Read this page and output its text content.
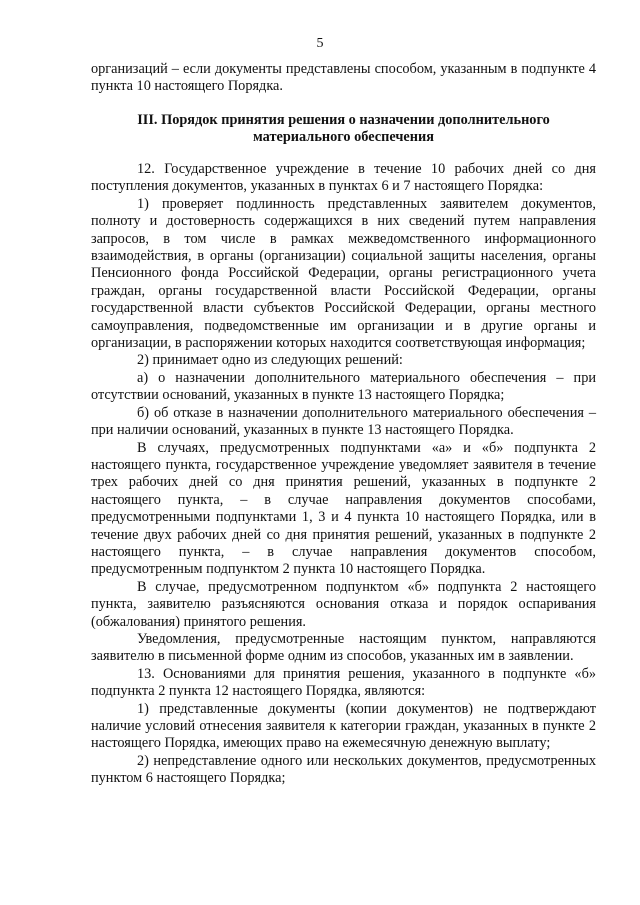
5

организаций – если документы представлены способом, указанным в подпункте 4 пункта 10 настоящего Порядка.

III. Порядок принятия решения о назначении дополнительного
материального обеспечения

12. Государственное учреждение в течение 10 рабочих дней со дня поступления документов, указанных в пунктах 6 и 7 настоящего Порядка:

1) проверяет подлинность представленных заявителем документов, полноту и достоверность содержащихся в них сведений путем направления запросов, в том числе в рамках межведомственного информационного взаимодействия, в органы (организации) социальной защиты населения, органы Пенсионного фонда Российской Федерации, органы регистрационного учета граждан, органы государственной власти Российской Федерации, органы государственной власти субъектов Российской Федерации, органы местного самоуправления, подведомственные им организации и в другие органы и организации, в распоряжении которых находится соответствующая информация;

2) принимает одно из следующих решений:

а) о назначении дополнительного материального обеспечения – при отсутствии оснований, указанных в пункте 13 настоящего Порядка;

б) об отказе в назначении дополнительного материального обеспечения – при наличии оснований, указанных в пункте 13 настоящего Порядка.

В случаях, предусмотренных подпунктами «а» и «б» подпункта 2 настоящего пункта, государственное учреждение уведомляет заявителя в течение трех рабочих дней со дня принятия решений, указанных в подпункте 2 настоящего пункта, – в случае направления документов способами, предусмотренными подпунктами 1, 3 и 4 пункта 10 настоящего Порядка, или в течение двух рабочих дней со дня принятия решений, указанных в подпункте 2 настоящего пункта, – в случае направления документов способом, предусмотренным подпунктом 2 пункта 10 настоящего Порядка.

В случае, предусмотренном подпунктом «б» подпункта 2 настоящего пункта, заявителю разъясняются основания отказа и порядок оспаривания (обжалования) принятого решения.

Уведомления, предусмотренные настоящим пунктом, направляются заявителю в письменной форме одним из способов, указанных им в заявлении.

13. Основаниями для принятия решения, указанного в подпункте «б» подпункта 2 пункта 12 настоящего Порядка, являются:

1) представленные документы (копии документов) не подтверждают наличие условий отнесения заявителя к категории граждан, указанных в пункте 2 настоящего Порядка, имеющих право на ежемесячную денежную выплату;

2) непредставление одного или нескольких документов, предусмотренных пунктом 6 настоящего Порядка;
